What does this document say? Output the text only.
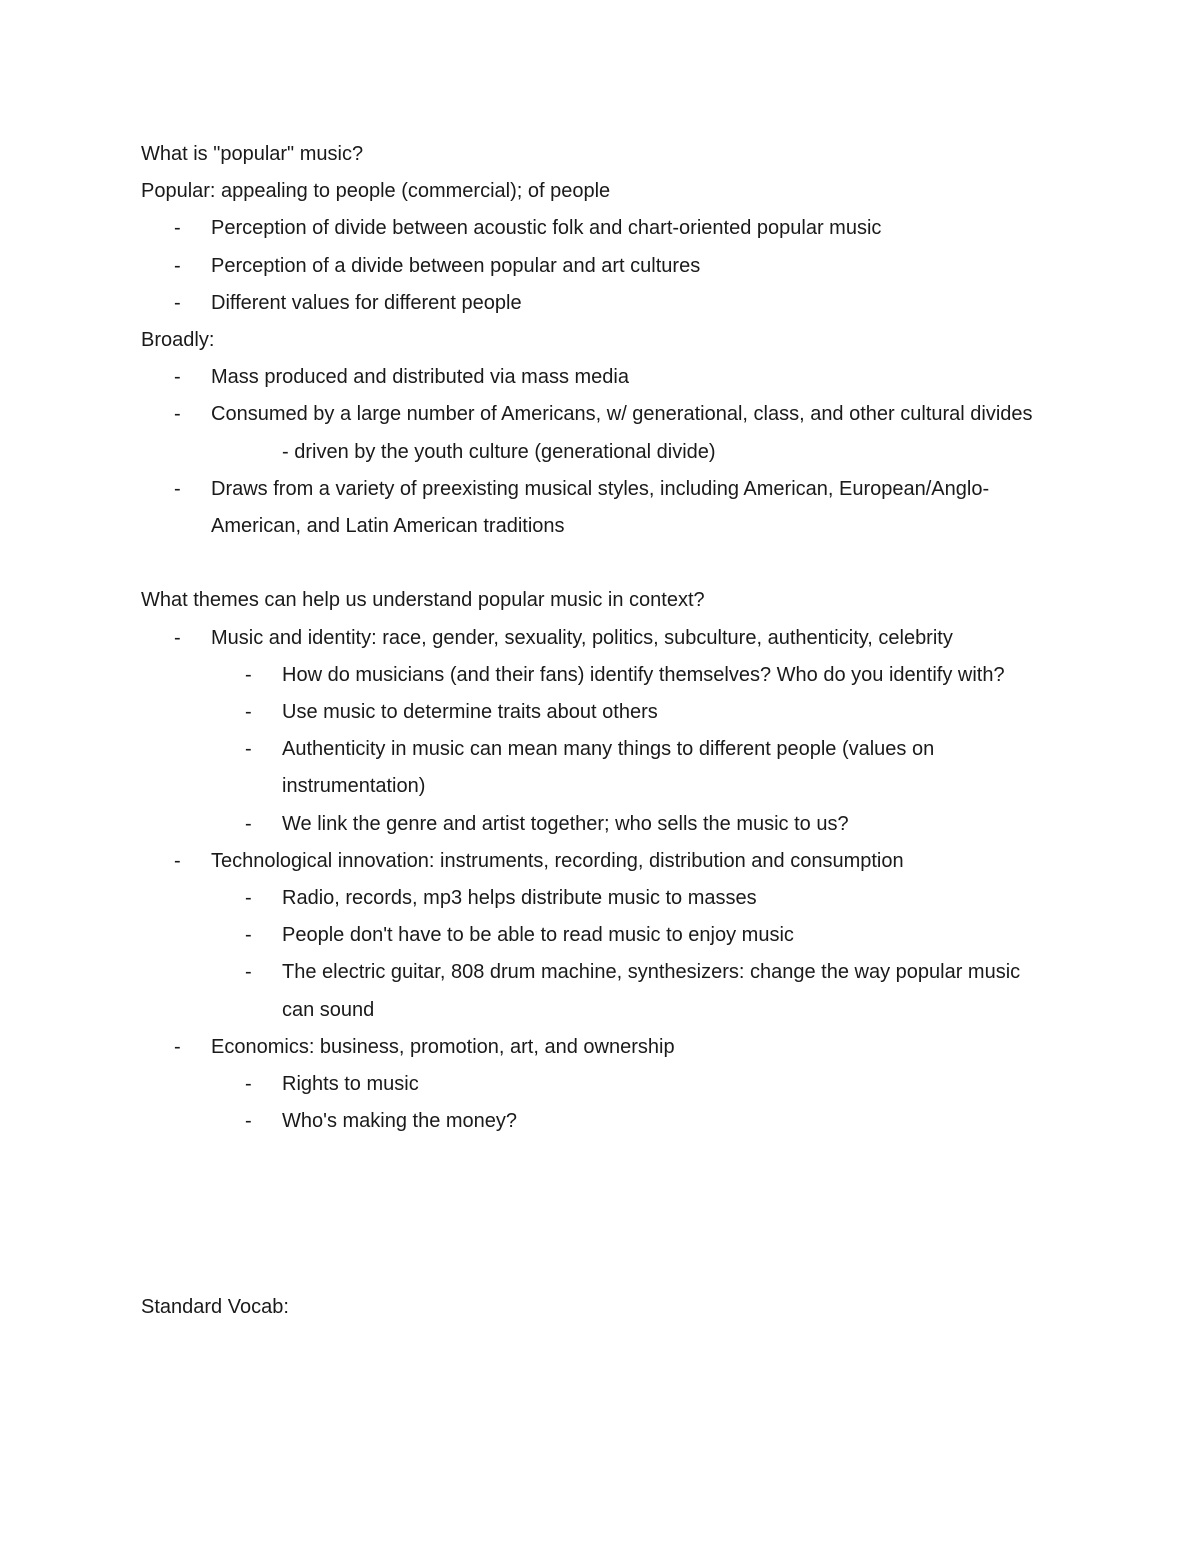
What is "popular" music?

Popular: appealing to people (commercial); of people

- Perception of divide between acoustic folk and chart-oriented popular music
- Perception of a divide between popular and art cultures
- Different values for different people

Broadly:

- Mass produced and distributed via mass media
- Consumed by a large number of Americans, w/ generational, class, and other cultural divides

- driven by the youth culture (generational divide)

- Draws from a variety of preexisting musical styles, including American, European/Anglo-American, and Latin American traditions

What themes can help us understand popular music in context?

- Music and identity: race, gender, sexuality, politics, subculture, authenticity, celebrity
- How do musicians (and their fans) identify themselves? Who do you identify with?
- Use music to determine traits about others
- Authenticity in music can mean many things to different people (values on instrumentation)
- We link the genre and artist together; who sells the music to us?
- Technological innovation: instruments, recording, distribution and consumption
- Radio, records, mp3 helps distribute music to masses
- People don't have to be able to read music to enjoy music
- The electric guitar, 808 drum machine, synthesizers: change the way popular music can sound
- Economics: business, promotion, art, and ownership
- Rights to music
- Who's making the money?

Standard Vocab:
